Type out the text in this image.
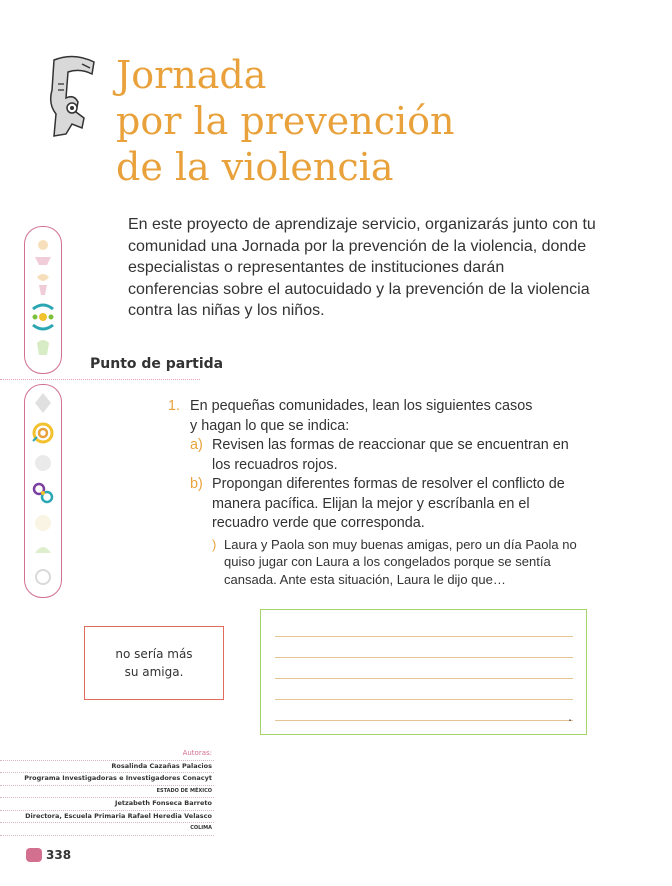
Jornada
por la prevención
de la violencia

En este proyecto de aprendizaje servicio, organizarás junto con tu comunidad una Jornada por la prevención de la violencia, donde especialistas o representantes de instituciones darán conferencias sobre el autocuidado y la prevención de la violencia contra las niñas y los niños.

Punto de partida
1. En pequeñas comunidades, lean los siguientes casos
y hagan lo que se indica:
a) Revisen las formas de reaccionar que se encuentran en los recuadros rojos.
b) Propongan diferentes formas de resolver el conflicto de manera pacífica. Elijan la mejor y escríbanla en el recuadro verde que corresponda.
) Laura y Paola son muy buenas amigas, pero un día Paola no quiso jugar con Laura a los congelados porque se sentía cansada. Ante esta situación, Laura le dijo que…
no sería más
su amiga.
.
Autoras:
Rosalinda Cazañas Palacios
Programa Investigadoras e Investigadores Conacyt
ESTADO DE MÉXICO
Jetzabeth Fonseca Barreto
Directora, Escuela Primaria Rafael Heredia Velasco
COLIMA
338
